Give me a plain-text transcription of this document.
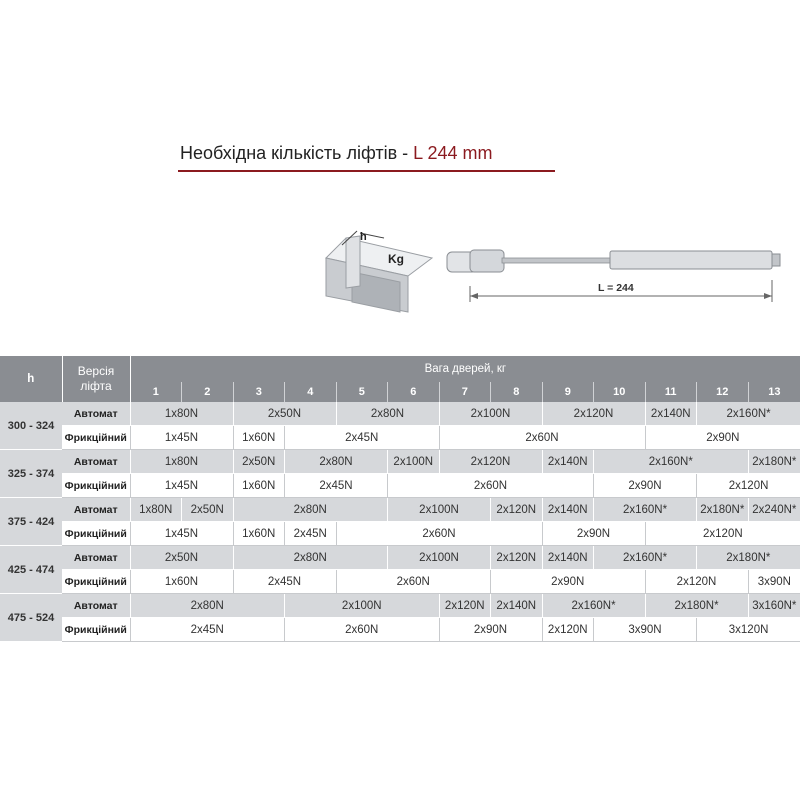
Необхідна кількість ліфтів - L 244 mm
h
Kg
L = 244
h	Версія ліфта	Вага дверей, кг													
		1	2	3	4	5	6	7	8	9	10	11	12	13	
300 - 324	Автомат	1x80N		2x50N		2x80N		2x100N		2x120N		2x140N	2x160N*		
	Фрикційний	1x45N		1x60N	2x45N			2x60N				2x90N			
325 - 374	Автомат	1x80N		2x50N	2x80N		2x100N	2x120N		2x140N	2x160N*			2x180N*	
	Фрикційний	1x45N		1x60N	2x45N		2x60N				2x90N		2x120N		
375 - 424	Автомат	1x80N	2x50N	2x80N			2x100N		2x120N	2x140N	2x160N*		2x180N*	2x240N*	
	Фрикційний	1x45N		1x60N	2x45N	2x60N				2x90N		2x120N			
425 - 474	Автомат	2x50N		2x80N			2x100N		2x120N	2x140N	2x160N*		2x180N*	
	Фрикційний	1x60N		2x45N		2x60N			2x90N			2x120N		3x90N	
475 - 524	Автомат	2x80N			2x100N			2x120N	2x140N	2x160N*		2x180N*		3x160N*	
	Фрикційний	2x45N			2x60N			2x90N		2x120N	3x90N		3x120N		
